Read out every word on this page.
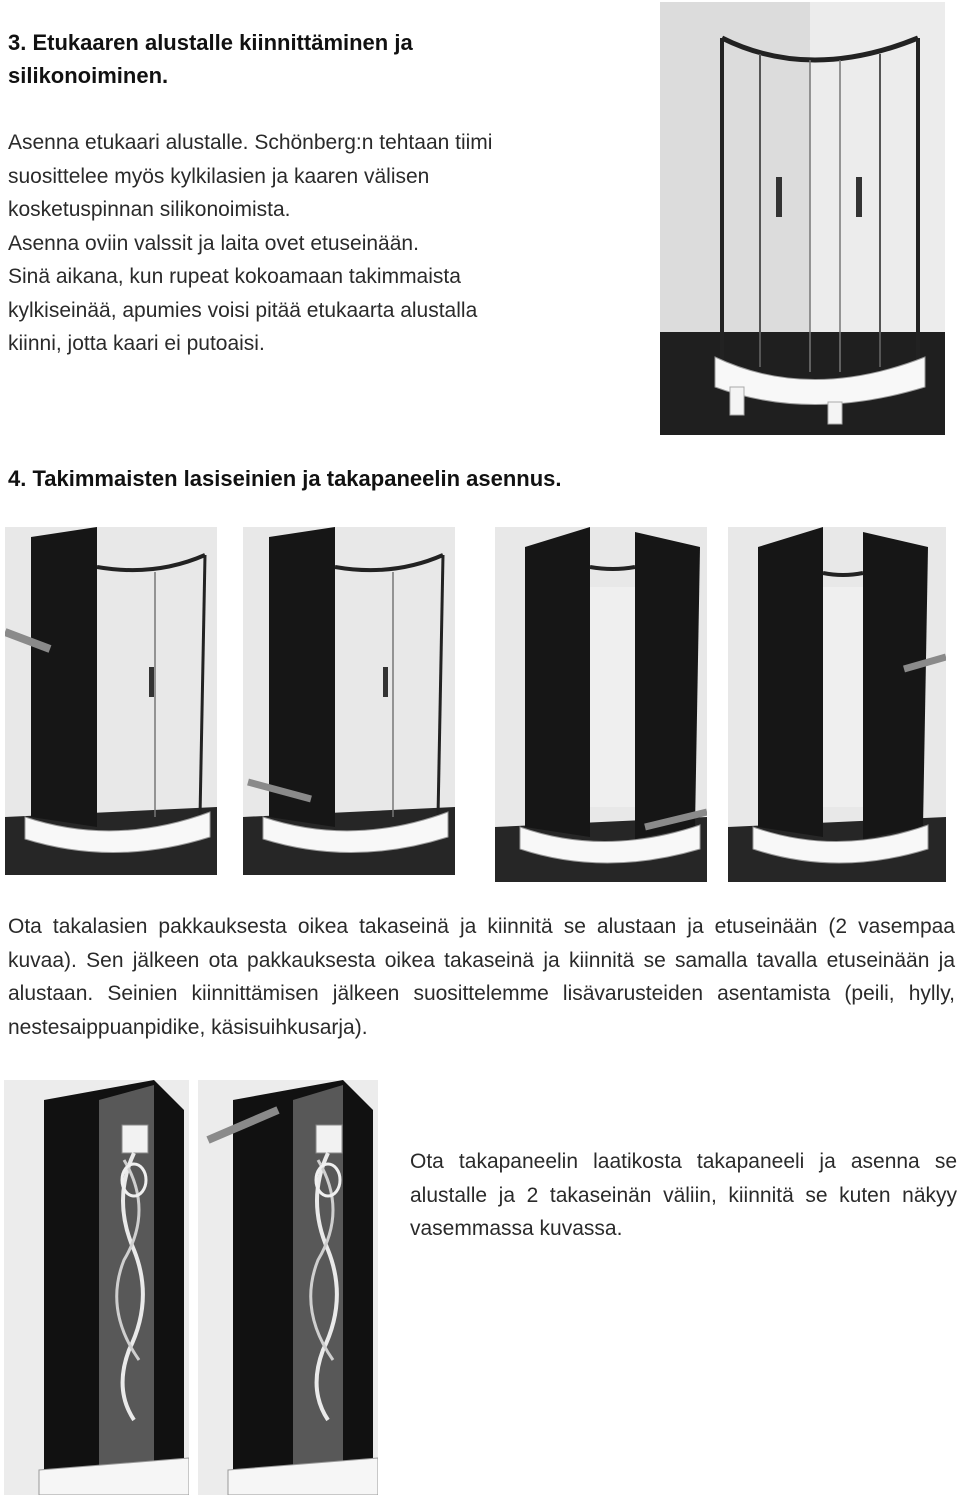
3. Etukaaren alustalle kiinnittäminen ja
silikonoiminen.
Asenna etukaari alustalle. Schönberg:n tehtaan tiimi
suosittelee myös kylkilasien ja kaaren välisen
kosketuspinnan silikonoimista.
Asenna oviin valssit ja laita ovet etuseinään.
Sinä aikana, kun rupeat kokoamaan takimmaista
kylkiseinää, apumies voisi pitää etukaarta alustalla
kiinni, jotta kaari ei putoaisi.
4. Takimmaisten lasiseinien ja takapaneelin asennus.
Ota takalasien pakkauksesta oikea takaseinä ja kiinnitä se alustaan ja etuseinään (2 vasempaa kuvaa). Sen jälkeen ota pakkauksesta oikea takaseinä ja kiinnitä se samalla tavalla etuseinään ja alustaan. Seinien kiinnittämisen jälkeen suosittelemme lisävarusteiden asentamista (peili, hylly, nestesaippuanpidike, käsisuihkusarja).
Ota takapaneelin laatikosta takapaneeli ja asenna se alustalle ja 2 takaseinän väliin, kiinnitä se kuten näkyy vasemmassa kuvassa.
